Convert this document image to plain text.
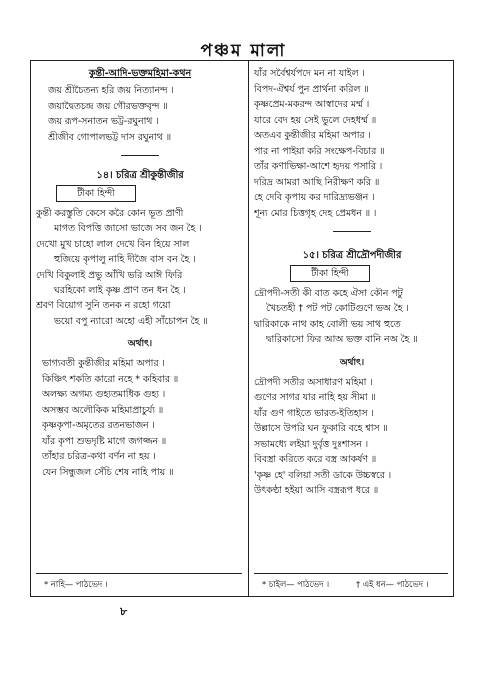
পঞ্চম মালা
কুন্তী-আদি-ভক্তমহিমা-কথন
জয় শ্রীচৈতন্য হরি জয় নিত্যানন্দ ।
জয়াদ্বৈতচন্দ্র জয় গৌরভক্তবৃন্দ ॥
জয় রূপ-সনাতন ভট্ট-রঘুনাথ ।
শ্রীজীব গোপালভট্ট দাস রঘুনাথ ॥
১৪। চরিত্র শ্রীকুন্তীজীর
টীকা হিন্দী
কুন্তী করস্তুতি কেসে করৈ কোন ভূত প্রাণী
মাগত বিপত্তি জাসো ভাজে সব জন হৈ ।
দেখো মুখ চাহো লাল দেখে বিন হিয়ে সাল
হুজিয়ে কৃপালু নাহি দীজৈ বাস বন হৈ ।
দেখি বিকুলাই প্রভু আঁখি ভরি আঈ ফিরি
ঘরহিকো লাই কৃষ্ণ প্রাণ তন ধন হৈ ।
শ্রবণ বিয়োগ সুনি তনক ন রহো গয়ো
ভয়ো বপু ন্যারো অহো এহী সাঁচোপন হৈ ॥
অর্থাৎ।
ভাগ্যবতী কুন্তীজীর মহিমা অপার ।
কিঞ্চিৎ শকতি কারো নহে * কহিবার ॥
অলক্ষ্য অগম্য গুহ্যতমাধিক গুহ্য ।
অসম্ভব অলৌকিক মহিমাপ্রাচুর্য্য ॥
কৃষ্ণকৃপা-অমৃতের রতনভাজন ।
যাঁর কৃপা শুভদৃষ্টি মাগে জগজ্জন ॥
তাঁহার চরিত্র-কথা বর্ণন না হয় ।
যেন সিন্ধুজল সেঁচি শেষ নাহি পায় ॥
যাঁর সর্বৈশ্বর্যপদে মন না যাইল ।
বিপদ-ঐশ্বর্য পুন প্রার্থনা করিল ॥
কৃষ্ণপ্রেম-মকরন্দ আস্বাদের মর্ম্ম ।
যারে বেদ হয় সেই ভুলে দেহধর্ম্ম ॥
অতএব কুন্তীজীর মহিমা অপার ।
পার না পাইয়া করি সংক্ষেপ-বিচার ॥
তাঁর কণাভিক্ষা-আশে হৃদয় পসারি ।
দরিদ্র আমরা আছি নিরীক্ষণ করি ॥
হে দেবি কৃপায় কর দারিদ্র্যভঞ্জন ।
শূন্য মোর চিত্তগৃহ দেহ প্রেমধন ॥ ।
১৫। চরিত্র শ্রীদ্রৌপদীজীর
টীকা হিন্দী
দ্রৌপদী-সতী কী বাত কহে ঐসা কৌন পটু
খৈচতহী † পট পট কোটিগুণে ভঅ হৈ ।
দ্বারিকাকে নাথ কাহ বোলী ভয় সাথ হুতে
দ্বারিকাসো ফির আঅ ভক্ত বানি নঅ হৈ ॥
অর্থাৎ।
দ্রৌপদী সতীর অসাধারণ মহিমা ।
গুণের সাগর যার নাহি হয় সীমা ॥
যাঁর গুণ গাইতে ভারত-ইতিহাস ।
উল্লাসে উপরি ঘন ফুকারি বহে শ্বাস ॥
সভামধ্যে লইয়া দুর্বৃত্ত দুঃশাসন ।
বিবস্ত্রা করিতে করে বস্ত্র আকর্ষণ ॥
'কৃষ্ণ হে' বলিয়া সতী ডাকে উচ্চস্বরে ।
উৎকণ্ঠা হইয়া আসি বস্ত্ররূপ ধরে ॥
* নাহি— পাঠভেদ ।	* চাইল— পাঠভেদ ।	† এই ধন— পাঠভেদ ।
৮
